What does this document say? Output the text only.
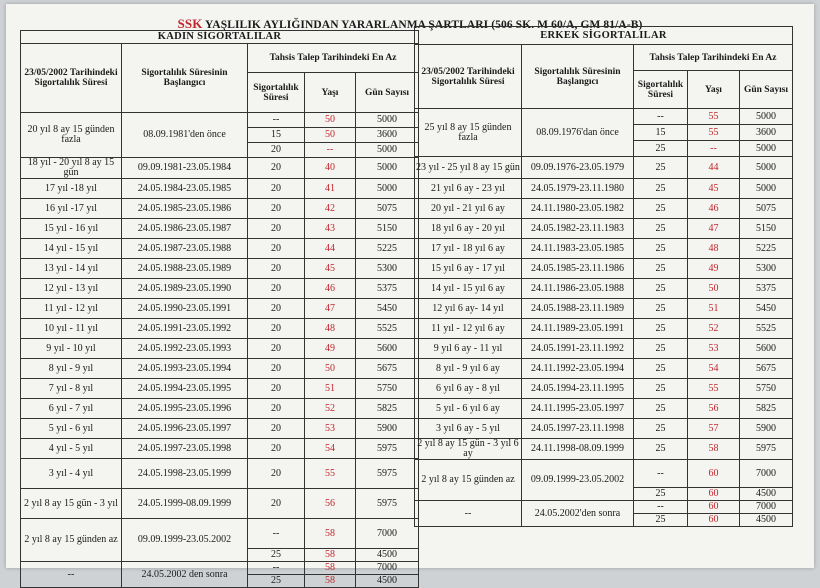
SSK YAŞLILIK AYLIĞINDAN YARARLANMA ŞARTLARI (506 SK. M 60/A, GM 81/A-B)
KADIN SİGORTALILAR				
23/05/2002 Tarihindeki Sigortalılık Süresi	Sigortalılık Süresinin Başlangıcı	Tahsis Talep Tarihindeki En Az		
		Sigortalılık Süresi	Yaşı	Gün Sayısı
20 yıl 8 ay 15 günden fazla	08.09.1981'den önce	--	50	5000
		15	50	3600
		20	--	5000
18 yıl - 20 yıl 8 ay 15 gün	09.09.1981-23.05.1984	20	40	5000
17 yıl -18 yıl	24.05.1984-23.05.1985	20	41	5000
16 yıl -17 yıl	24.05.1985-23.05.1986	20	42	5075
15 yıl - 16 yıl	24.05.1986-23.05.1987	20	43	5150
14 yıl - 15 yıl	24.05.1987-23.05.1988	20	44	5225
13 yıl - 14 yıl	24.05.1988-23.05.1989	20	45	5300
12 yıl - 13 yıl	24.05.1989-23.05.1990	20	46	5375
11 yıl - 12 yıl	24.05.1990-23.05.1991	20	47	5450
10 yıl - 11 yıl	24.05.1991-23.05.1992	20	48	5525
9 yıl - 10 yıl	24.05.1992-23.05.1993	20	49	5600
8 yıl - 9 yıl	24.05.1993-23.05.1994	20	50	5675
7 yıl - 8 yıl	24.05.1994-23.05.1995	20	51	5750
6 yıl - 7 yıl	24.05.1995-23.05.1996	20	52	5825
5 yıl - 6 yıl	24.05.1996-23.05.1997	20	53	5900
4 yıl - 5 yıl	24.05.1997-23.05.1998	20	54	5975
3 yıl - 4 yıl	24.05.1998-23.05.1999	20	55	5975
2 yıl 8 ay 15 gün - 3 yıl	24.05.1999-08.09.1999	20	56	5975
2 yıl 8 ay 15 günden az	09.09.1999-23.05.2002	--	58	7000
		25	58	4500
--	24.05.2002 den sonra	--	58	7000
		25	58	4500
ERKEK SİGORTALILAR				
23/05/2002 Tarihindeki Sigortalılık Süresi	Sigortalılık Süresinin Başlangıcı	Tahsis Talep Tarihindeki En Az		
		Sigortalılık Süresi	Yaşı	Gün Sayısı
25 yıl 8 ay 15 günden fazla	08.09.1976'dan önce	--	55	5000
		15	55	3600
		25	--	5000
23 yıl - 25 yıl 8 ay 15 gün	09.09.1976-23.05.1979	25	44	5000
21 yıl 6 ay - 23 yıl	24.05.1979-23.11.1980	25	45	5000
20 yıl - 21 yıl 6 ay	24.11.1980-23.05.1982	25	46	5075
18 yıl 6 ay - 20 yıl	24.05.1982-23.11.1983	25	47	5150
17 yıl - 18 yıl 6 ay	24.11.1983-23.05.1985	25	48	5225
15 yıl 6 ay - 17 yıl	24.05.1985-23.11.1986	25	49	5300
14 yıl - 15 yıl 6 ay	24.11.1986-23.05.1988	25	50	5375
12 yıl 6 ay- 14 yıl	24.05.1988-23.11.1989	25	51	5450
11 yıl - 12 yıl 6 ay	24.11.1989-23.05.1991	25	52	5525
9 yıl 6 ay - 11 yıl	24.05.1991-23.11.1992	25	53	5600
8 yıl - 9 yıl 6 ay	24.11.1992-23.05.1994	25	54	5675
6 yıl 6 ay - 8 yıl	24.05.1994-23.11.1995	25	55	5750
5 yıl - 6 yıl 6 ay	24.11.1995-23.05.1997	25	56	5825
3 yıl 6 ay - 5 yıl	24.05.1997-23.11.1998	25	57	5900
2 yıl 8 ay 15 gün - 3 yıl 6 ay	24.11.1998-08.09.1999	25	58	5975
2 yıl 8 ay 15 günden az	09.09.1999-23.05.2002	--	60	7000
		25	60	4500
--	24.05.2002'den sonra	--	60	7000
		25	60	4500
